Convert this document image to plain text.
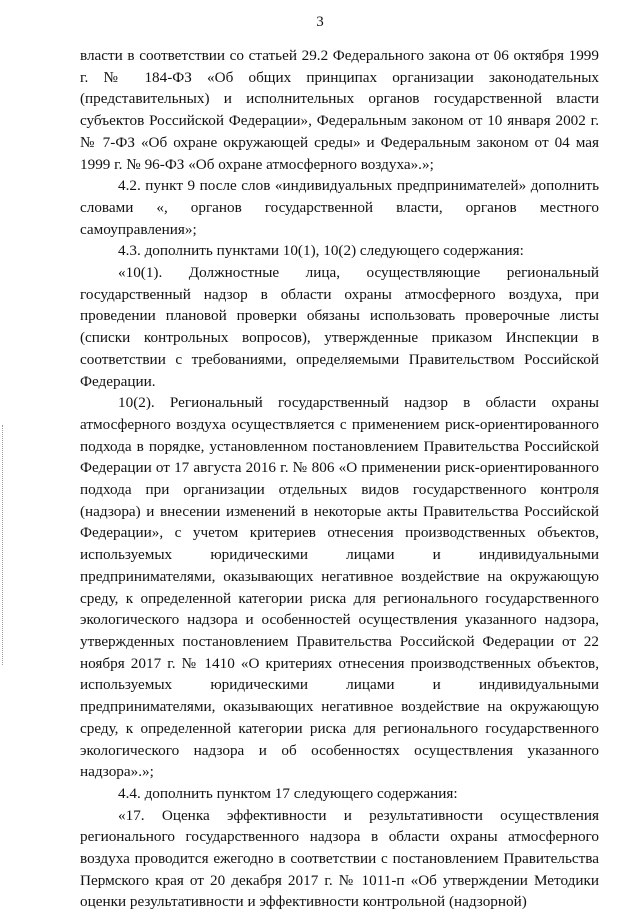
3

власти в соответствии со статьей 29.2 Федерального закона от 06 октября 1999 г. № 184-ФЗ «Об общих принципах организации законодательных (представительных) и исполнительных органов государственной власти субъектов Российской Федерации», Федеральным законом от 10 января 2002 г. № 7-ФЗ «Об охране окружающей среды» и Федеральным законом от 04 мая 1999 г. № 96-ФЗ «Об охране атмосферного воздуха».»;

4.2. пункт 9 после слов «индивидуальных предпринимателей» дополнить словами «, органов государственной власти, органов местного самоуправления»;

4.3. дополнить пунктами 10(1), 10(2) следующего содержания:

«10(1). Должностные лица, осуществляющие региональный государственный надзор в области охраны атмосферного воздуха, при проведении плановой проверки обязаны использовать проверочные листы (списки контрольных вопросов), утвержденные приказом Инспекции в соответствии с требованиями, определяемыми Правительством Российской Федерации.

10(2). Региональный государственный надзор в области охраны атмосферного воздуха осуществляется с применением риск-ориентированного подхода в порядке, установленном постановлением Правительства Российской Федерации от 17 августа 2016 г. № 806 «О применении риск-ориентированного подхода при организации отдельных видов государственного контроля (надзора) и внесении изменений в некоторые акты Правительства Российской Федерации», с учетом критериев отнесения производственных объектов, используемых юридическими лицами и индивидуальными предпринимателями, оказывающих негативное воздействие на окружающую среду, к определенной категории риска для регионального государственного экологического надзора и особенностей осуществления указанного надзора, утвержденных постановлением Правительства Российской Федерации от 22 ноября 2017 г. № 1410 «О критериях отнесения производственных объектов, используемых юридическими лицами и индивидуальными предпринимателями, оказывающих негативное воздействие на окружающую среду, к определенной категории риска для регионального государственного экологического надзора и об особенностях осуществления указанного надзора».»;

4.4. дополнить пунктом 17 следующего содержания:

«17. Оценка эффективности и результативности осуществления регионального государственного надзора в области охраны атмосферного воздуха проводится ежегодно в соответствии с постановлением Правительства Пермского края от 20 декабря 2017 г. № 1011-п «Об утверждении Методики оценки результативности и эффективности контрольной (надзорной)
